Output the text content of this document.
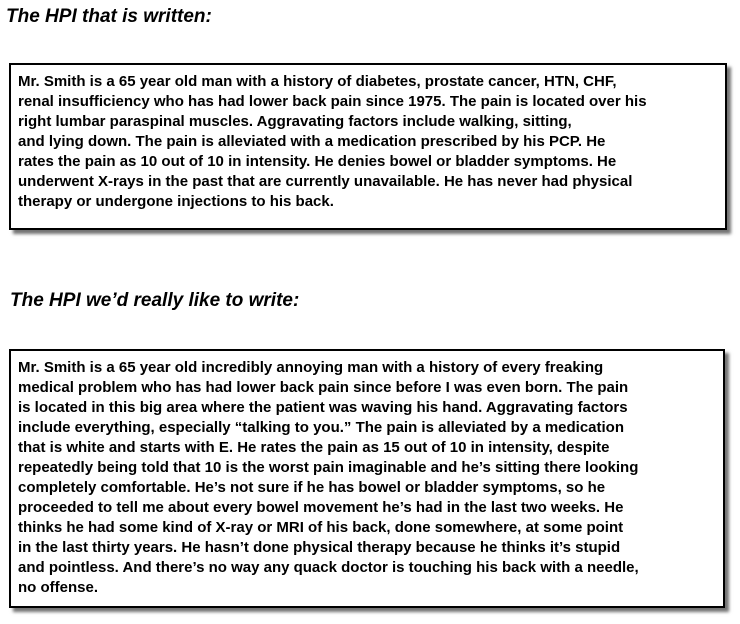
The HPI that is written:
Mr. Smith is a 65 year old man with a history of diabetes, prostate cancer, HTN, CHF,
renal insufficiency who has had lower back pain since 1975. The pain is located over his
right lumbar paraspinal muscles. Aggravating factors include walking, sitting,
and lying down. The pain is alleviated with a medication prescribed by his PCP. He
rates the pain as 10 out of 10 in intensity. He denies bowel or bladder symptoms. He
underwent X-rays in the past that are currently unavailable. He has never had physical
therapy or undergone injections to his back.
The HPI we’d really like to write:
Mr. Smith is a 65 year old incredibly annoying man with a history of every freaking
medical problem who has had lower back pain since before I was even born. The pain
is located in this big area where the patient was waving his hand. Aggravating factors
include everything, especially “talking to you.” The pain is alleviated by a medication
that is white and starts with E. He rates the pain as 15 out of 10 in intensity, despite
repeatedly being told that 10 is the worst pain imaginable and he’s sitting there looking
completely comfortable. He’s not sure if he has bowel or bladder symptoms, so he
proceeded to tell me about every bowel movement he’s had in the last two weeks. He
thinks he had some kind of X-ray or MRI of his back, done somewhere, at some point
in the last thirty years. He hasn’t done physical therapy because he thinks it’s stupid
and pointless. And there’s no way any quack doctor is touching his back with a needle,
no offense.
